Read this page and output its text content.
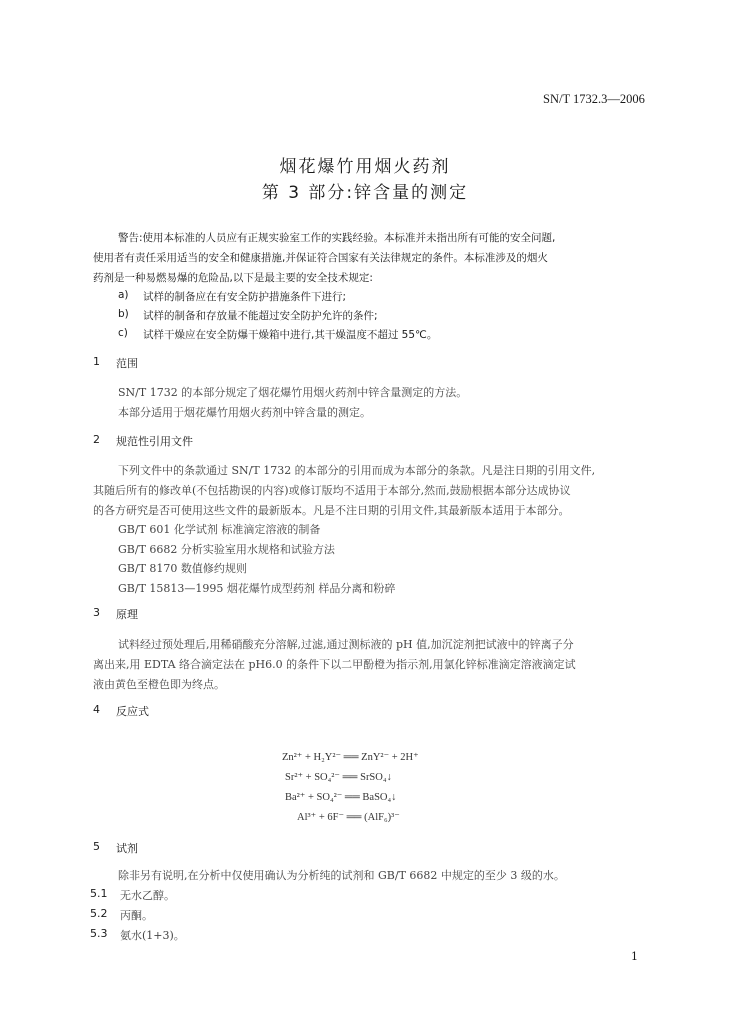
SN/T 1732.3—2006
烟花爆竹用烟火药剂
第 3 部分:锌含量的测定
警告:使用本标准的人员应有正规实验室工作的实践经验。本标准并未指出所有可能的安全问题,
使用者有责任采用适当的安全和健康措施,并保证符合国家有关法律规定的条件。本标准涉及的烟火
药剂是一种易燃易爆的危险品,以下是最主要的安全技术规定:
a) 试样的制备应在有安全防护措施条件下进行;
b) 试样的制备和存放量不能超过安全防护允许的条件;
c) 试样干燥应在安全防爆干燥箱中进行,其干燥温度不超过 55℃。
1 范围
SN/T 1732 的本部分规定了烟花爆竹用烟火药剂中锌含量测定的方法。
本部分适用于烟花爆竹用烟火药剂中锌含量的测定。
2 规范性引用文件
下列文件中的条款通过 SN/T 1732 的本部分的引用而成为本部分的条款。凡是注日期的引用文件,
其随后所有的修改单(不包括勘误的内容)或修订版均不适用于本部分,然而,鼓励根据本部分达成协议
的各方研究是否可使用这些文件的最新版本。凡是不注日期的引用文件,其最新版本适用于本部分。
GB/T 601 化学试剂 标准滴定溶液的制备
GB/T 6682 分析实验室用水规格和试验方法
GB/T 8170 数值修约规则
GB/T 15813—1995 烟花爆竹成型药剂 样品分离和粉碎
3 原理
试料经过预处理后,用稀硝酸充分溶解,过滤,通过测标液的 pH 值,加沉淀剂把试液中的锌离子分
离出来,用 EDTA 络合滴定法在 pH6.0 的条件下以二甲酚橙为指示剂,用氯化锌标准滴定溶液滴定试
液由黄色至橙色即为终点。
4 反应式
Zn²⁺ + H₂Y²⁻ ══ ZnY²⁻ + 2H⁺
Sr²⁺ + SO₄²⁻ ══ SrSO₄↓
Ba²⁺ + SO₄²⁻ ══ BaSO₄↓
Al³⁺ + 6F⁻ ══ (AlF₆)³⁻
5 试剂
除非另有说明,在分析中仅使用确认为分析纯的试剂和 GB/T 6682 中规定的至少 3 级的水。
5.1 无水乙醇。
5.2 丙酮。
5.3 氨水(1+3)。
1
